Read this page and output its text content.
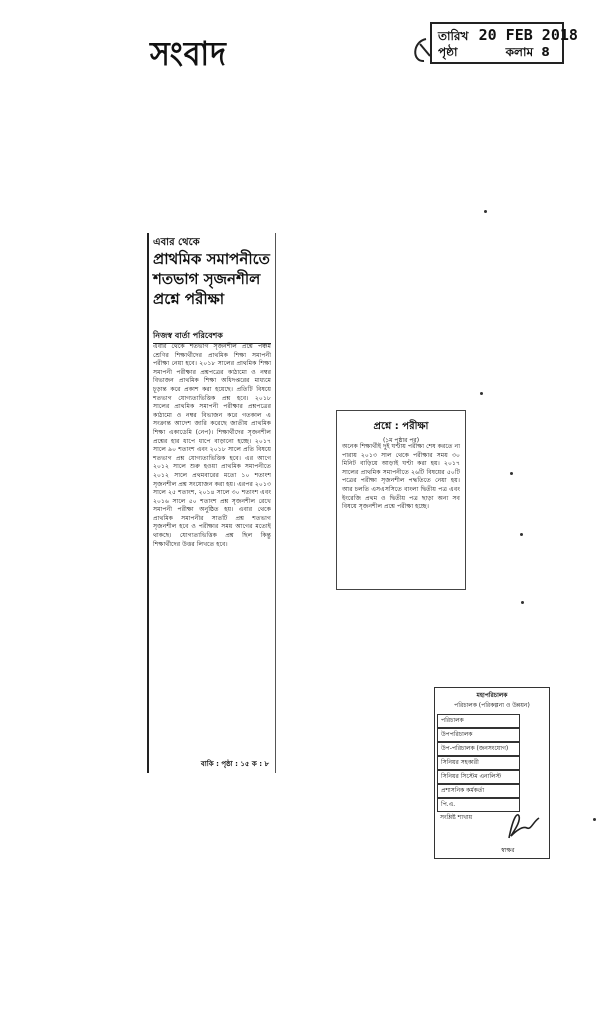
সংবাদ	তারিখ 20 FEB 2018
পৃষ্ঠা	কলাম 8
এবার থেকে
প্রাথমিক সমাপনীতে শতভাগ সৃজনশীল প্রশ্নে পরীক্ষা
নিজস্ব বার্তা পরিবেশক
এবার থেকে শতভাগ সৃজনশীল প্রশ্নে পঞ্চম শ্রেণির শিক্ষার্থীদের প্রাথমিক শিক্ষা সমাপনী পরীক্ষা নেয়া হবে। ২০১৮ সালের প্রাথমিক শিক্ষা সমাপনী পরীক্ষার প্রশ্নপত্রের কাঠামো ও নম্বর বিভাজন প্রাথমিক শিক্ষা অধিদপ্তরের মাধ্যমে চূড়ান্ত করে প্রকাশ করা হয়েছে। প্রতিটি বিষয়ে শতভাগ যোগ্যতাভিত্তিক প্রশ্ন হবে। ২০১৮ সালের প্রাথমিক সমাপনী পরীক্ষার প্রশ্নপত্রের কাঠামো ও নম্বর বিভাজন করে গতকাল এ সংক্রান্ত আদেশ জারি করেছে জাতীয় প্রাথমিক শিক্ষা একাডেমি (নেপ)। শিক্ষার্থীদের সৃজনশীল প্রশ্নের হার ধাপে ধাপে বাড়ানো হচ্ছে। ২০১৭ সালে ৯০ শতাংশ এবং ২০১৮ সালে প্রতি বিষয়ে শতভাগ প্রশ্ন যোগ্যতাভিত্তিক হবে। এর আগে ২০১২ সালে শুরু হওয়া প্রাথমিক সমাপনীতে ২০১২ সালে প্রথমবারের মতো ১০ শতাংশ সৃজনশীল প্রশ্ন সংযোজন করা হয়। এরপর ২০১৩ সালে ২৫ শতাংশ, ২০১৪ সালে ৩০ শতাংশ এবং ২০১৬ সালে ৫০ শতাংশ প্রশ্ন সৃজনশীল রেখে সমাপনী পরীক্ষা অনুষ্ঠিত হয়। এবার থেকে প্রাথমিক সমাপনীর সাতটি প্রশ্ন শতভাগ সৃজনশীল হবে ও পরীক্ষার সময় আগের মতোই থাকছে। যোগ্যতাভিত্তিক প্রশ্ন ছিল কিন্তু শিক্ষার্থীদের উত্তর লিখতে হবে।
বাকি : পৃষ্ঠা : ১৫ ক : ৮
প্রশ্নে : পরীক্ষা
(১ম পৃষ্ঠার পর)
অনেক শিক্ষার্থীই দুই ঘণ্টায় পরীক্ষা শেষ করতে না পারায় ২০১৩ সাল থেকে পরীক্ষার সময় ৩০ মিনিট বাড়িয়ে আড়াই ঘণ্টা করা হয়। ২০১৭ সালের প্রাথমিক সমাপনীতে ২৬টি বিষয়ের ৫০টি পত্রের পরীক্ষা সৃজনশীল পদ্ধতিতে নেয়া হয়। আর চলতি এসএসসিতে বাংলা দ্বিতীয় পত্র এবং ইংরেজি প্রথম ও দ্বিতীয় পত্র ছাড়া অন্য সব বিষয়ে সৃজনশীল প্রশ্নে পরীক্ষা হচ্ছে।
মহাপরিচালক
পরিচালক (পরিকল্পনা ও উন্নয়ন)
পরিচালক
উপপরিচালক
উপ-পরিচালক (জনসংযোগ)
সিনিয়র সহকারী
সিনিয়র সিস্টেম এনালিস্ট
প্রশাসনিক কর্মকর্তা
পি.এ.
সংশ্লিষ্ট শাখায়
স্বাক্ষর
